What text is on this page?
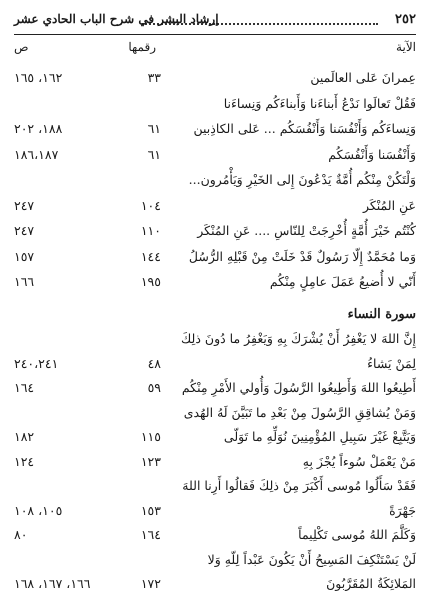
٢٥٢
إرشاد البشر في شرح الباب الحادي عشر
الآية
رقمها
ص
عِمرانَ عَلى العالَمين
٣٣
١٦٢، ١٦٥
فَقُلْ تَعالَوا نَدْعُ أَبناءَنا وَأَبناءَكُم وَنِساءَنا
وَنِساءَكُم وَأَنْفُسَنا وَأَنْفُسَكُم ... عَلى الكاذِبين
٦١
١٨٨، ٢٠٢
وَأَنْفُسَنا وَأَنْفُسَكُم
٦١
١٨٦،١٨٧
وَلْتَكُنْ مِنْكُم أُمَّةٌ يَدْعُونَ إِلى الخَيْرِ وَيَأْمُرون...
عَنِ المُنْكَر
١٠٤
٢٤٧
كُنْتُم خَيْرَ أُمَّةٍ أُخْرِجَتْ لِلنّاسِ .... عَنِ المُنْكَر
١١٠
٢٤٧
وَما مُحَمَّدٌ إِلّا رَسُولٌ قَدْ خَلَتْ مِنْ قَبْلِهِ الرُّسُلُ
١٤٤
١٥٧
أَنّي لا أُضيعُ عَمَلَ عامِلٍ مِنْكُم
١٩٥
١٦٦
سورة النساء
إِنَّ اللهَ لا يَغْفِرُ أَنْ يُشْرَكَ بِهِ وَيَغْفِرُ ما دُونَ ذلِكَ
لِمَنْ يَشاءُ
٤٨
٢٤٠،٢٤١
أَطِيعُوا اللهَ وَأَطِيعُوا الرَّسُولَ وَأُولي الأَمْرِ مِنْكُم
٥٩
١٦٤
وَمَنْ يُشاقِقِ الرَّسُولَ مِنْ بَعْدِ ما تَبَيَّنَ لَهُ الهُدى
وَيَتَّبِعْ غَيْرَ سَبِيلِ المُؤْمِنِينَ نُوَلِّهِ ما تَوَلّى
١١٥
١٨٢
مَنْ يَعْمَلْ سُوءاً يُجْزَ بِهِ
١٢٣
١٢٤
فَقَدْ سَأَلُوا مُوسى أَكْبَرَ مِنْ ذلِكَ فَقالُوا أَرِنا اللهَ
جَهْرَةً
١٥٣
١٠٥، ١٠٨
وَكَلَّمَ اللهُ مُوسى تَكْلِيماً
١٦٤
٨٠
لَنْ يَسْتَنْكِفَ المَسِيحُ أَنْ يَكُونَ عَبْداً لِلّهِ وَلا
المَلائِكَةُ المُقَرَّبُونَ
١٧٢
١٦٦، ١٦٧، ١٦٨
